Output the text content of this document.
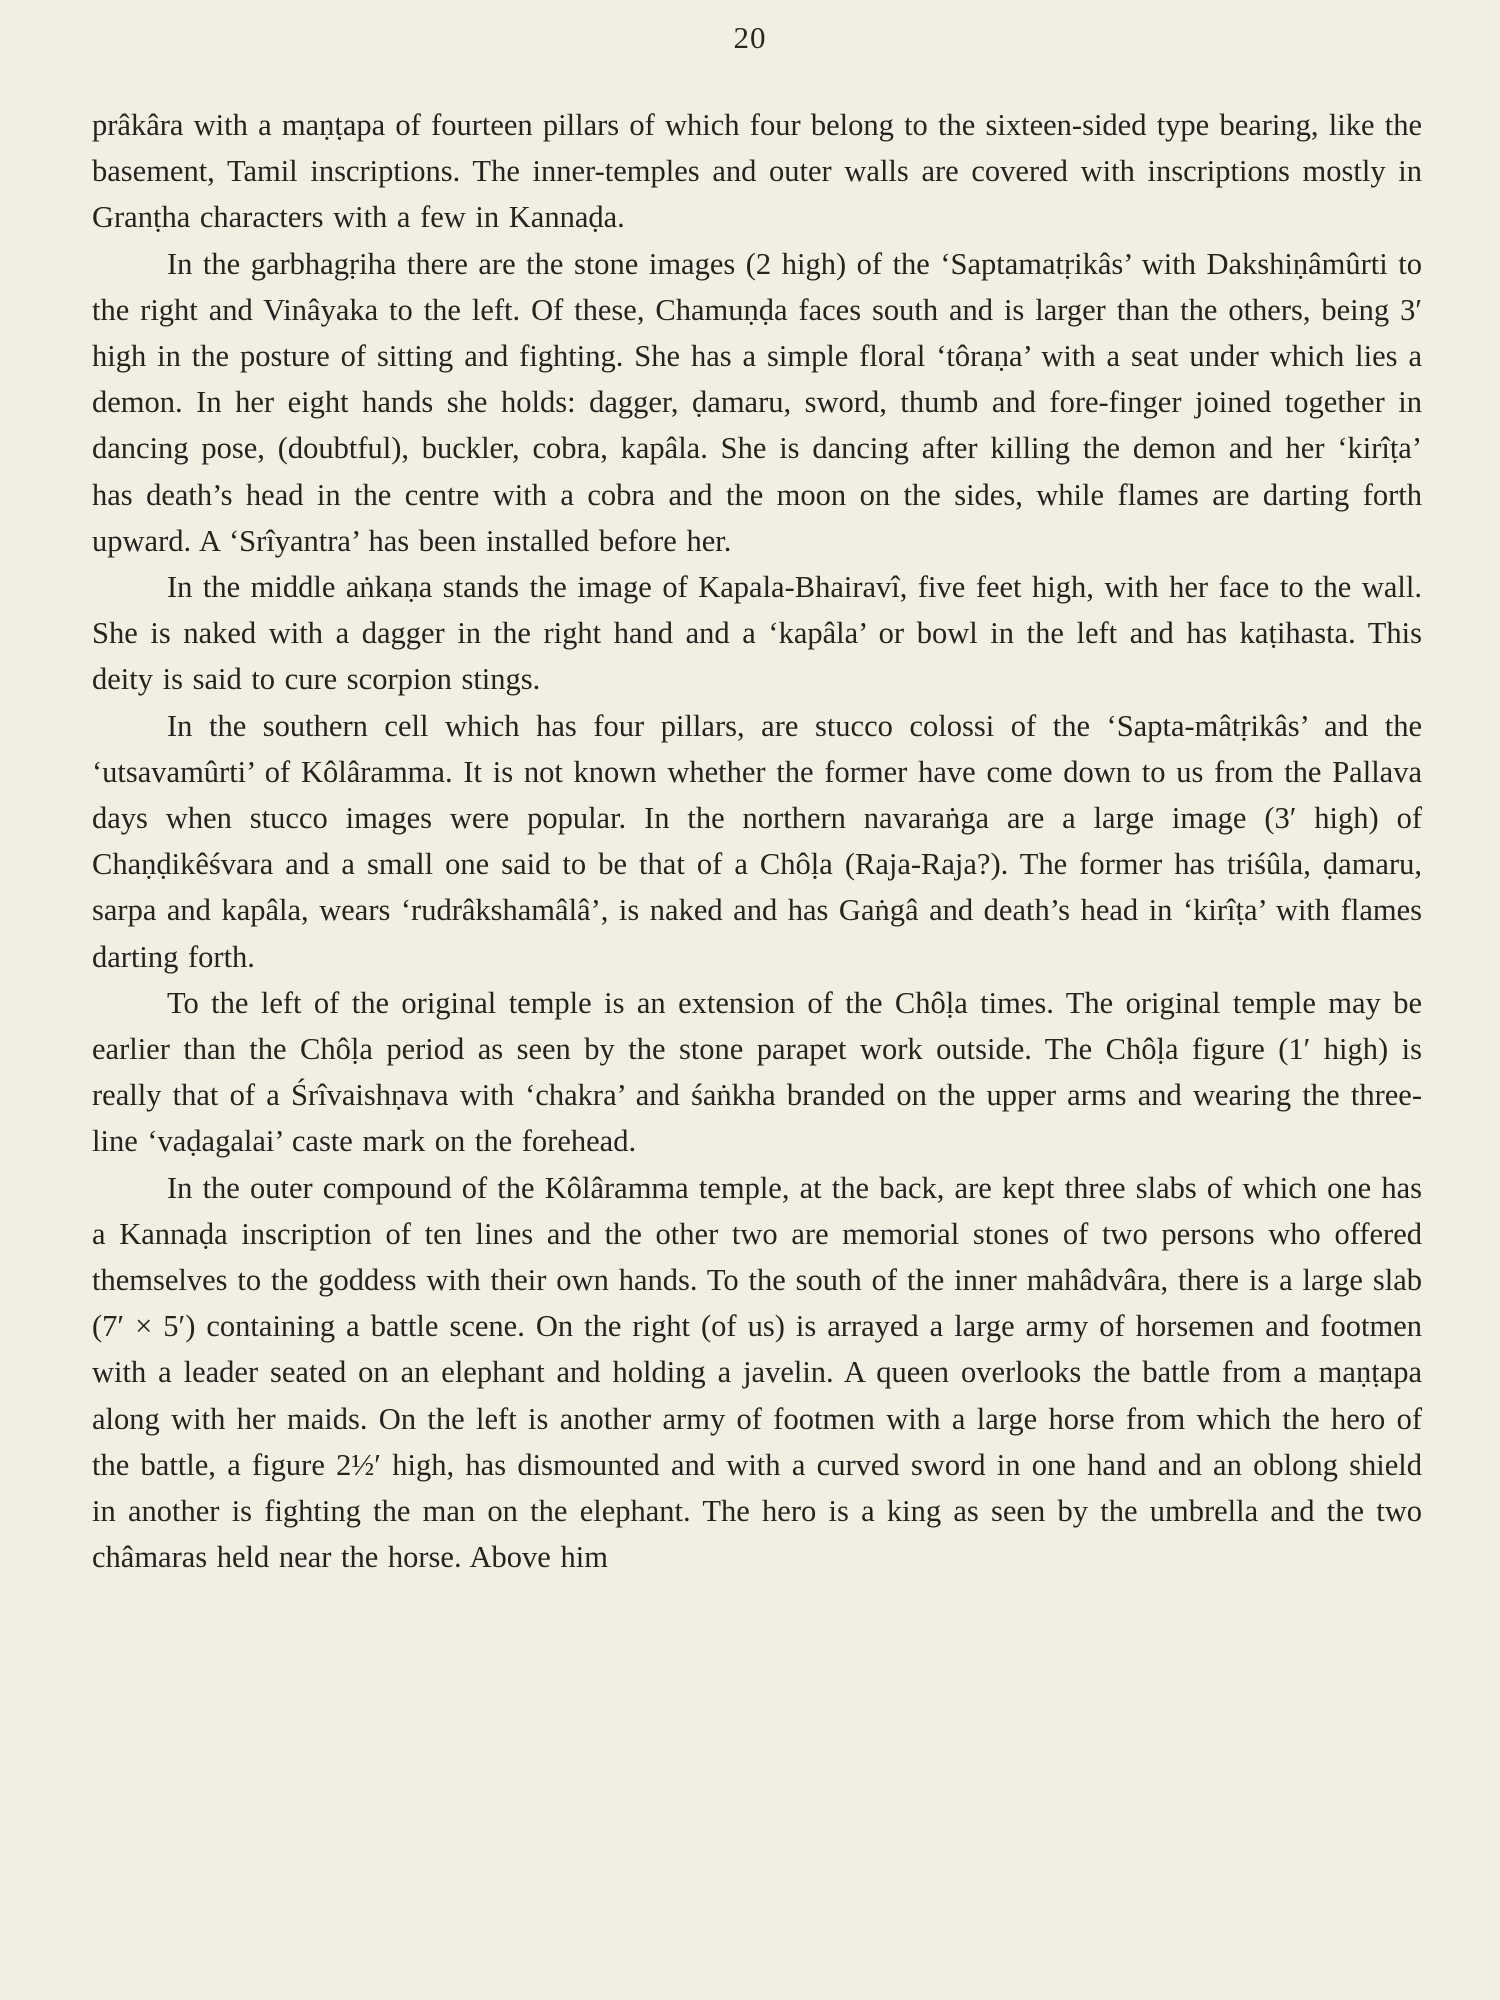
20

prâkâra with a maṇṭapa of fourteen pillars of which four belong to the sixteen-sided type bearing, like the basement, Tamil inscriptions. The inner-temples and outer walls are covered with inscriptions mostly in Granṭha characters with a few in Kannaḍa.

In the garbhagṛiha there are the stone images (2 high) of the ‘Saptamatṛikâs’ with Dakshiṇâmûrti to the right and Vinâyaka to the left. Of these, Chamuṇḍa faces south and is larger than the others, being 3′ high in the posture of sitting and fighting. She has a simple floral ‘tôraṇa’ with a seat under which lies a demon. In her eight hands she holds: dagger, ḍamaru, sword, thumb and fore-finger joined together in dancing pose, (doubtful), buckler, cobra, kapâla. She is dancing after killing the demon and her ‘kirîṭa’ has death’s head in the centre with a cobra and the moon on the sides, while flames are darting forth upward. A ‘Srîyantra’ has been installed before her.

In the middle aṅkaṇa stands the image of Kapala-Bhairavî, five feet high, with her face to the wall. She is naked with a dagger in the right hand and a ‘kapâla’ or bowl in the left and has kaṭihasta. This deity is said to cure scorpion stings.

In the southern cell which has four pillars, are stucco colossi of the ‘Sapta-mâtṛikâs’ and the ‘utsavamûrti’ of Kôlâramma. It is not known whether the former have come down to us from the Pallava days when stucco images were popular. In the northern navaraṅga are a large image (3′ high) of Chaṇḍikêśvara and a small one said to be that of a Chôḷa (Raja-Raja?). The former has triśûla, ḍamaru, sarpa and kapâla, wears ‘rudrâkshamâlâ’, is naked and has Gaṅgâ and death’s head in ‘kirîṭa’ with flames darting forth.

To the left of the original temple is an extension of the Chôḷa times. The original temple may be earlier than the Chôḷa period as seen by the stone parapet work outside. The Chôḷa figure (1′ high) is really that of a Śrîvaishṇava with ‘chakra’ and śaṅkha branded on the upper arms and wearing the three-line ‘vaḍagalai’ caste mark on the forehead.

In the outer compound of the Kôlâramma temple, at the back, are kept three slabs of which one has a Kannaḍa inscription of ten lines and the other two are memorial stones of two persons who offered themselves to the goddess with their own hands. To the south of the inner mahâdvâra, there is a large slab (7′ × 5′) containing a battle scene. On the right (of us) is arrayed a large army of horsemen and footmen with a leader seated on an elephant and holding a javelin. A queen overlooks the battle from a maṇṭapa along with her maids. On the left is another army of footmen with a large horse from which the hero of the battle, a figure 2½′ high, has dismounted and with a curved sword in one hand and an oblong shield in another is fighting the man on the elephant. The hero is a king as seen by the umbrella and the two châmaras held near the horse. Above him
